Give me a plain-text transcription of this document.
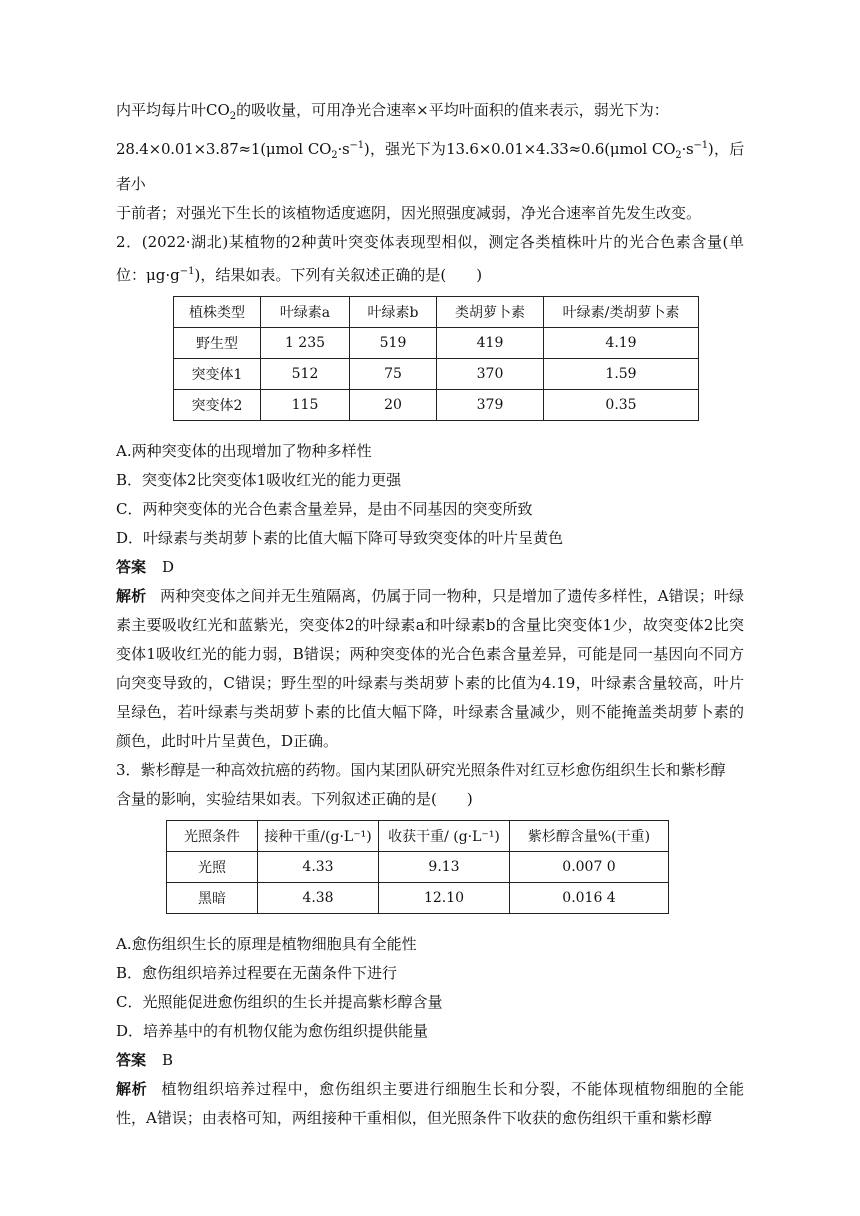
内平均每片叶$CO_2$的吸收量，可用净光合速率×平均叶面积的值来表示，弱光下为：

28.4×0.01×3.87≈1(μmol $CO_2\cdot s^{-1}$)，强光下为13.6×0.01×4.33≈0.6(μmol $CO_2\cdot s^{-1}$)，后者小

于前者；对强光下生长的该植物适度遮阴，因光照强度减弱，净光合速率首先发生改变。

2．(2022·湖北)某植物的2种黄叶突变体表现型相似，测定各类植株叶片的光合色素含量(单位：$\mu g\cdot g^{-1}$)，结果如表。下列有关叙述正确的是(　　)

植株类型	叶绿素a	叶绿素b	类胡萝卜素	叶绿素/类胡萝卜素
野生型	1 235	519	419	4.19
突变体1	512	75	370	1.59
突变体2	115	20	379	0.35

A.两种突变体的出现增加了物种多样性

B．突变体2比突变体1吸收红光的能力更强

C．两种突变体的光合色素含量差异，是由不同基因的突变所致

D．叶绿素与类胡萝卜素的比值大幅下降可导致突变体的叶片呈黄色

答案 D

解析 两种突变体之间并无生殖隔离，仍属于同一物种，只是增加了遗传多样性，A错误；叶绿素主要吸收红光和蓝紫光，突变体2的叶绿素a和叶绿素b的含量比突变体1少，故突变体2比突变体1吸收红光的能力弱，B错误；两种突变体的光合色素含量差异，可能是同一基因向不同方向突变导致的，C错误；野生型的叶绿素与类胡萝卜素的比值为4.19，叶绿素含量较高，叶片呈绿色，若叶绿素与类胡萝卜素的比值大幅下降，叶绿素含量减少，则不能掩盖类胡萝卜素的颜色，此时叶片呈黄色，D正确。

3．紫杉醇是一种高效抗癌的药物。国内某团队研究光照条件对红豆杉愈伤组织生长和紫杉醇

含量的影响，实验结果如表。下列叙述正确的是(　　)

光照条件	接种干重/(g·L⁻¹)	收获干重/ (g·L⁻¹)	紫杉醇含量%(干重)
光照	4.33	9.13	0.007 0
黑暗	4.38	12.10	0.016 4

A.愈伤组织生长的原理是植物细胞具有全能性

B．愈伤组织培养过程要在无菌条件下进行

C．光照能促进愈伤组织的生长并提高紫杉醇含量

D．培养基中的有机物仅能为愈伤组织提供能量

答案 B

解析 植物组织培养过程中，愈伤组织主要进行细胞生长和分裂，不能体现植物细胞的全能性，A错误；由表格可知，两组接种干重相似，但光照条件下收获的愈伤组织干重和紫杉醇
